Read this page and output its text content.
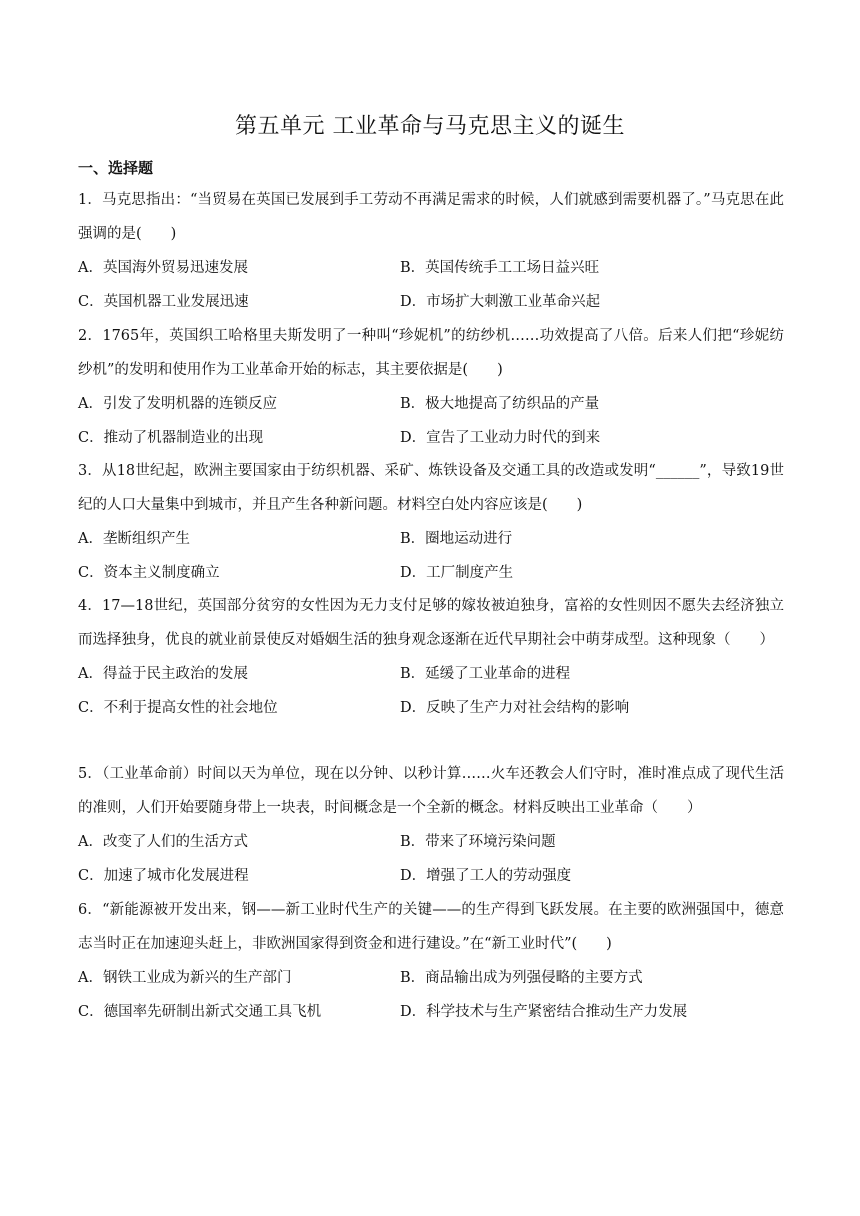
第五单元 工业革命与马克思主义的诞生
一、选择题

1．马克思指出：“当贸易在英国已发展到手工劳动不再满足需求的时候，人们就感到需要机器了。”马克思在此强调的是(　　)

A．英国海外贸易迅速发展	B．英国传统手工工场日益兴旺
C．英国机器工业发展迅速	D．市场扩大刺激工业革命兴起

2．1765年，英国织工哈格里夫斯发明了一种叫“珍妮机”的纺纱机……功效提高了八倍。后来人们把“珍妮纺纱机”的发明和使用作为工业革命开始的标志，其主要依据是(　　)

A．引发了发明机器的连锁反应	B．极大地提高了纺织品的产量
C．推动了机器制造业的出现	D．宣告了工业动力时代的到来

3．从18世纪起，欧洲主要国家由于纺织机器、采矿、炼铁设备及交通工具的改造或发明“______”，导致19世纪的人口大量集中到城市，并且产生各种新问题。材料空白处内容应该是(　　)

A．垄断组织产生	B．圈地运动进行
C．资本主义制度确立	D．工厂制度产生

4．17—18世纪，英国部分贫穷的女性因为无力支付足够的嫁妆被迫独身，富裕的女性则因不愿失去经济独立而选择独身，优良的就业前景使反对婚姻生活的独身观念逐渐在近代早期社会中萌芽成型。这种现象（　　）

A．得益于民主政治的发展	B．延缓了工业革命的进程
C．不利于提高女性的社会地位	D．反映了生产力对社会结构的影响

5．（工业革命前）时间以天为单位，现在以分钟、以秒计算……火车还教会人们守时，准时准点成了现代生活的准则，人们开始要随身带上一块表，时间概念是一个全新的概念。材料反映出工业革命（　　）

A．改变了人们的生活方式	B．带来了环境污染问题
C．加速了城市化发展进程	D．增强了工人的劳动强度

6．“新能源被开发出来，钢——新工业时代生产的关键——的生产得到飞跃发展。在主要的欧洲强国中，德意志当时正在加速迎头赶上，非欧洲国家得到资金和进行建设。”在“新工业时代”(　　)

A．钢铁工业成为新兴的生产部门	B．商品输出成为列强侵略的主要方式
C．德国率先研制出新式交通工具飞机	D．科学技术与生产紧密结合推动生产力发展
